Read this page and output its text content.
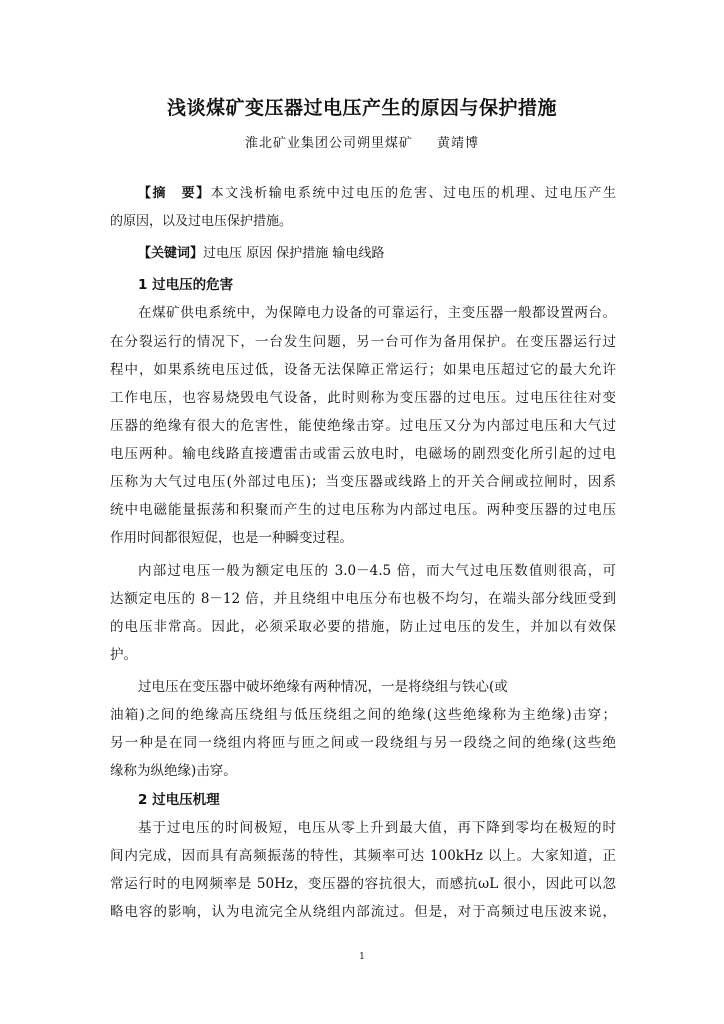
浅谈煤矿变压器过电压产生的原因与保护措施
淮北矿业集团公司朔里煤矿 黄靖博
【摘　要】本文浅析输电系统中过电压的危害、过电压的机理、过电压产生
的原因，以及过电压保护措施。
【关键词】过电压 原因 保护措施 输电线路
1 过电压的危害
在煤矿供电系统中，为保障电力设备的可靠运行，主变压器一般都设置两台。
在分裂运行的情况下，一台发生问题，另一台可作为备用保护。在变压器运行过
程中，如果系统电压过低，设备无法保障正常运行；如果电压超过它的最大允许
工作电压，也容易烧毁电气设备，此时则称为变压器的过电压。过电压往往对变
压器的绝缘有很大的危害性，能使绝缘击穿。过电压又分为内部过电压和大气过
电压两种。输电线路直接遭雷击或雷云放电时，电磁场的剧烈变化所引起的过电
压称为大气过电压(外部过电压)；当变压器或线路上的开关合闸或拉闸时，因系
统中电磁能量振荡和积聚而产生的过电压称为内部过电压。两种变压器的过电压
作用时间都很短促，也是一种瞬变过程。
内部过电压一般为额定电压的 3.0－4.5 倍，而大气过电压数值则很高，可
达额定电压的 8－12 倍，并且绕组中电压分布也极不均匀，在端头部分线匝受到
的电压非常高。因此，必须采取必要的措施，防止过电压的发生，并加以有效保
护。
过电压在变压器中破坏绝缘有两种情况，一是将绕组与铁心(或
油箱)之间的绝缘高压绕组与低压绕组之间的绝缘(这些绝缘称为主绝缘)击穿；
另一种是在同一绕组内将匝与匝之间或一段绕组与另一段绕之间的绝缘(这些绝
缘称为纵绝缘)击穿。
2 过电压机理
基于过电压的时间极短，电压从零上升到最大值，再下降到零均在极短的时
间内完成，因而具有高频振荡的特性，其频率可达 100kHz 以上。大家知道，正
常运行时的电网频率是 50Hz，变压器的容抗很大，而感抗ωL 很小，因此可以忽
略电容的影响，认为电流完全从绕组内部流过。但是，对于高频过电压波来说，
1
